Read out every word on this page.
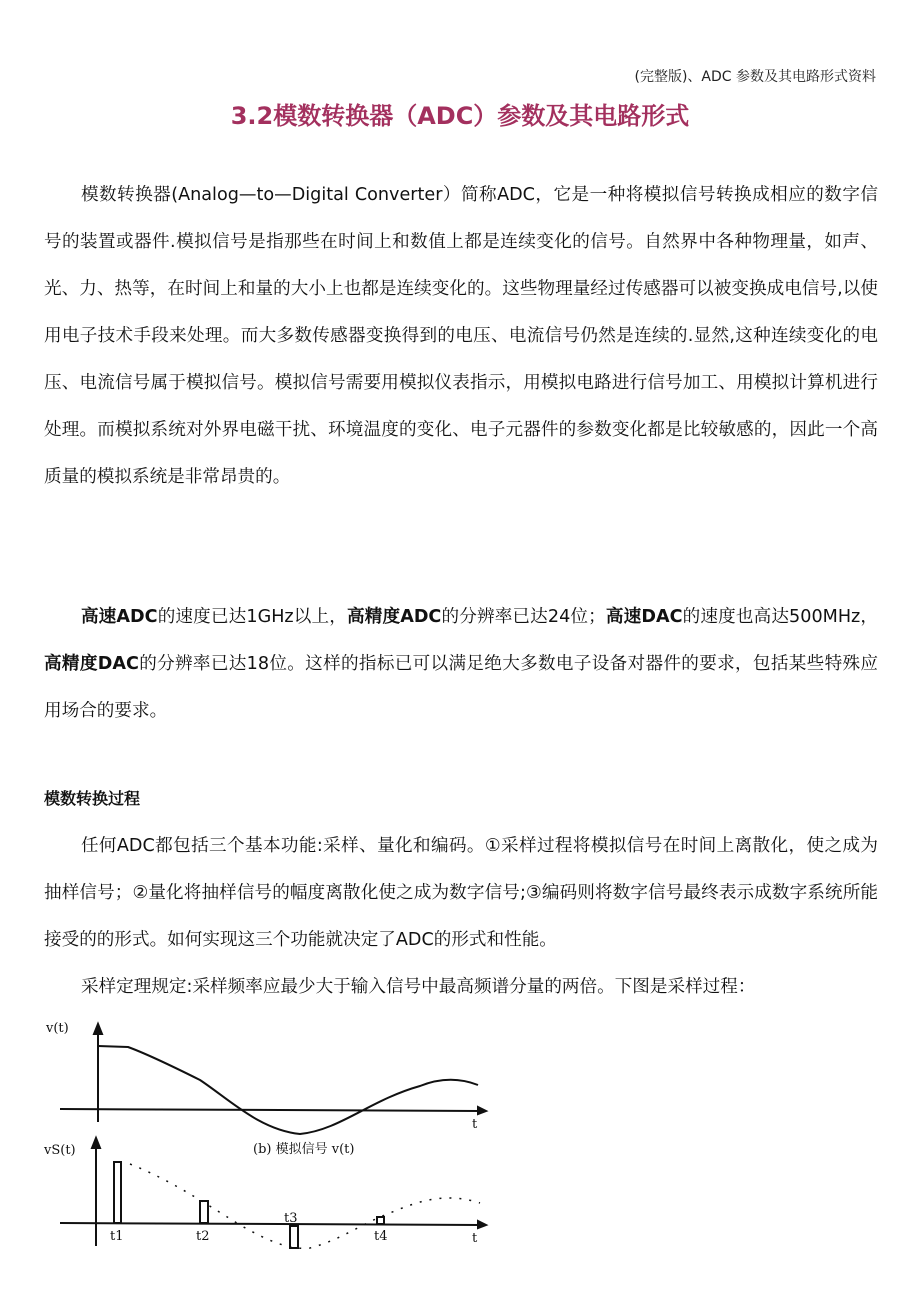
(完整版)、ADC 参数及其电路形式资料
3.2模数转换器（ADC）参数及其电路形式
模数转换器(Analog—to—Digital Converter）简称ADC，它是一种将模拟信号转换成相应的数字信号的装置或器件.模拟信号是指那些在时间上和数值上都是连续变化的信号。自然界中各种物理量，如声、光、力、热等，在时间上和量的大小上也都是连续变化的。这些物理量经过传感器可以被变换成电信号,以使用电子技术手段来处理。而大多数传感器变换得到的电压、电流信号仍然是连续的.显然,这种连续变化的电压、电流信号属于模拟信号。模拟信号需要用模拟仪表指示，用模拟电路进行信号加工、用模拟计算机进行处理。而模拟系统对外界电磁干扰、环境温度的变化、电子元器件的参数变化都是比较敏感的，因此一个高质量的模拟系统是非常昂贵的。
高速ADC的速度已达1GHz以上，高精度ADC的分辨率已达24位；高速DAC的速度也高达500MHz，高精度DAC的分辨率已达18位。这样的指标已可以满足绝大多数电子设备对器件的要求，包括某些特殊应用场合的要求。
模数转换过程
任何ADC都包括三个基本功能:采样、量化和编码。①采样过程将模拟信号在时间上离散化，使之成为抽样信号；②量化将抽样信号的幅度离散化使之成为数字信号;③编码则将数字信号最终表示成数字系统所能接受的的形式。如何实现这三个功能就决定了ADC的形式和性能。
采样定理规定:采样频率应最少大于输入信号中最高频谱分量的两倍。下图是采样过程：
v(t)
t
(b) 模拟信号 v(t)
vS(t)
t
t1	t2
t3
t4
